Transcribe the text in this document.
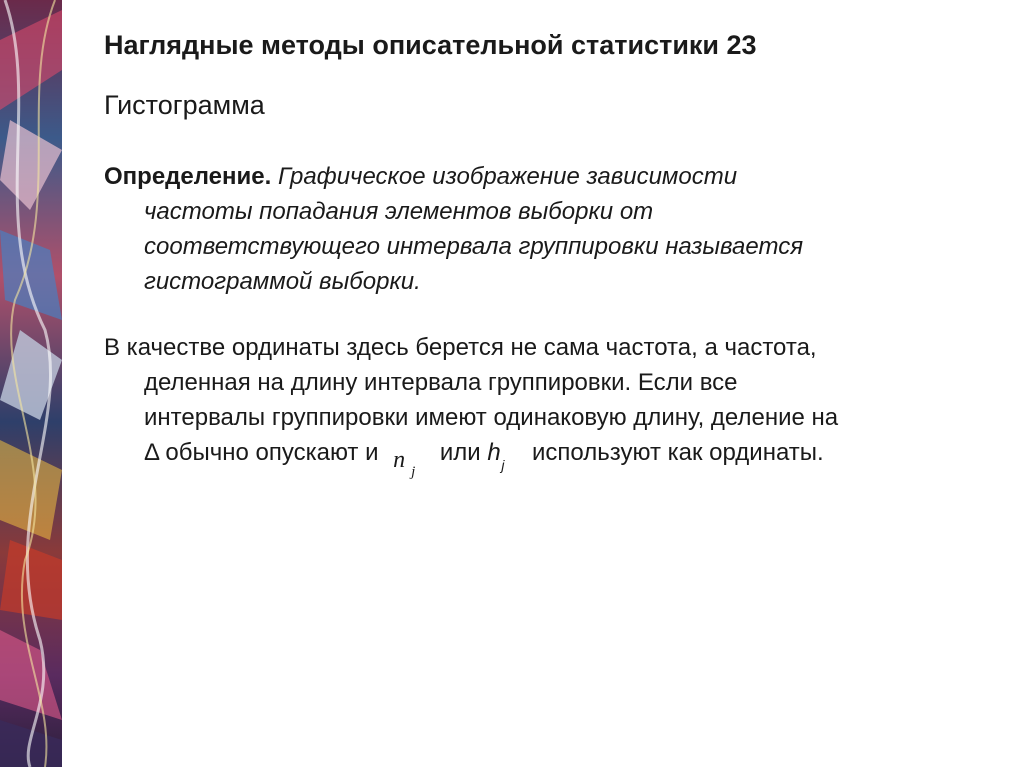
Наглядные методы описательной статистики 23
Гистограмма
Определение. Графическое изображение зависимости
частоты попадания элементов выборки от
соответствующего интервала группировки называется
гистограммой выборки.
В качестве ординаты здесь берется не сама частота, а частота,
деленная на длину интервала группировки. Если все
интервалы группировки имеют одинаковую длину, деление на
Δ обычно опускают и n j
или h j используют как ординаты.
